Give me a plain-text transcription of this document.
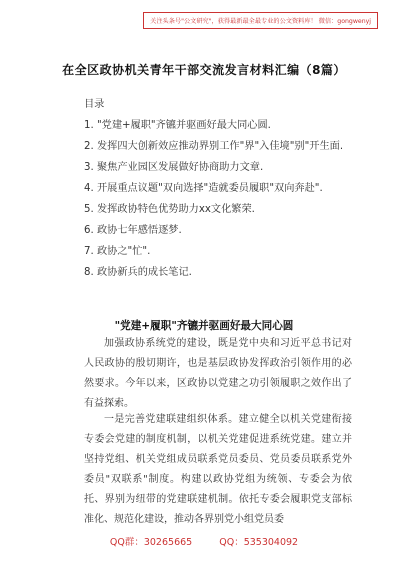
关注头条号"公文研究"，获得最新最全最专业的公文资料库！ 微信：gongwenyj
在全区政协机关青年干部交流发言材料汇编（8篇）
目录
1. "党建+履职"齐镳并驱画好最大同心圆.
2. 发挥四大创新效应推动界别工作"界"入佳境"别"开生面.
3. 聚焦产业园区发展做好协商助力文章.
4. 开展重点议题"双向选择"造就委员履职"双向奔赴".
5. 发挥政协特色优势助力xx文化繁荣.
6. 政协七年感悟逐梦.
7. 政协之"忙".
8. 政协新兵的成长笔记.
"党建+履职"齐镳并驱画好最大同心圆
加强政协系统党的建设，既是党中央和习近平总书记对人民政协的殷切期许，也是基层政协发挥政治引领作用的必然要求。今年以来，区政协以党建之功引领履职之效作出了有益探索。
一是完善党建联建组织体系。建立健全以机关党建衔接专委会党建的制度机制，以机关党建促进系统党建。建立并坚持党组、机关党组成员联系党员委员、党员委员联系党外委员"双联系"制度。构建以政协党组为统领、专委会为依托、界别为纽带的党建联建机制。依托专委会履职党支部标准化、规范化建设，推动各界别党小组党员委
QQ群：30265665	QQ：535304092
